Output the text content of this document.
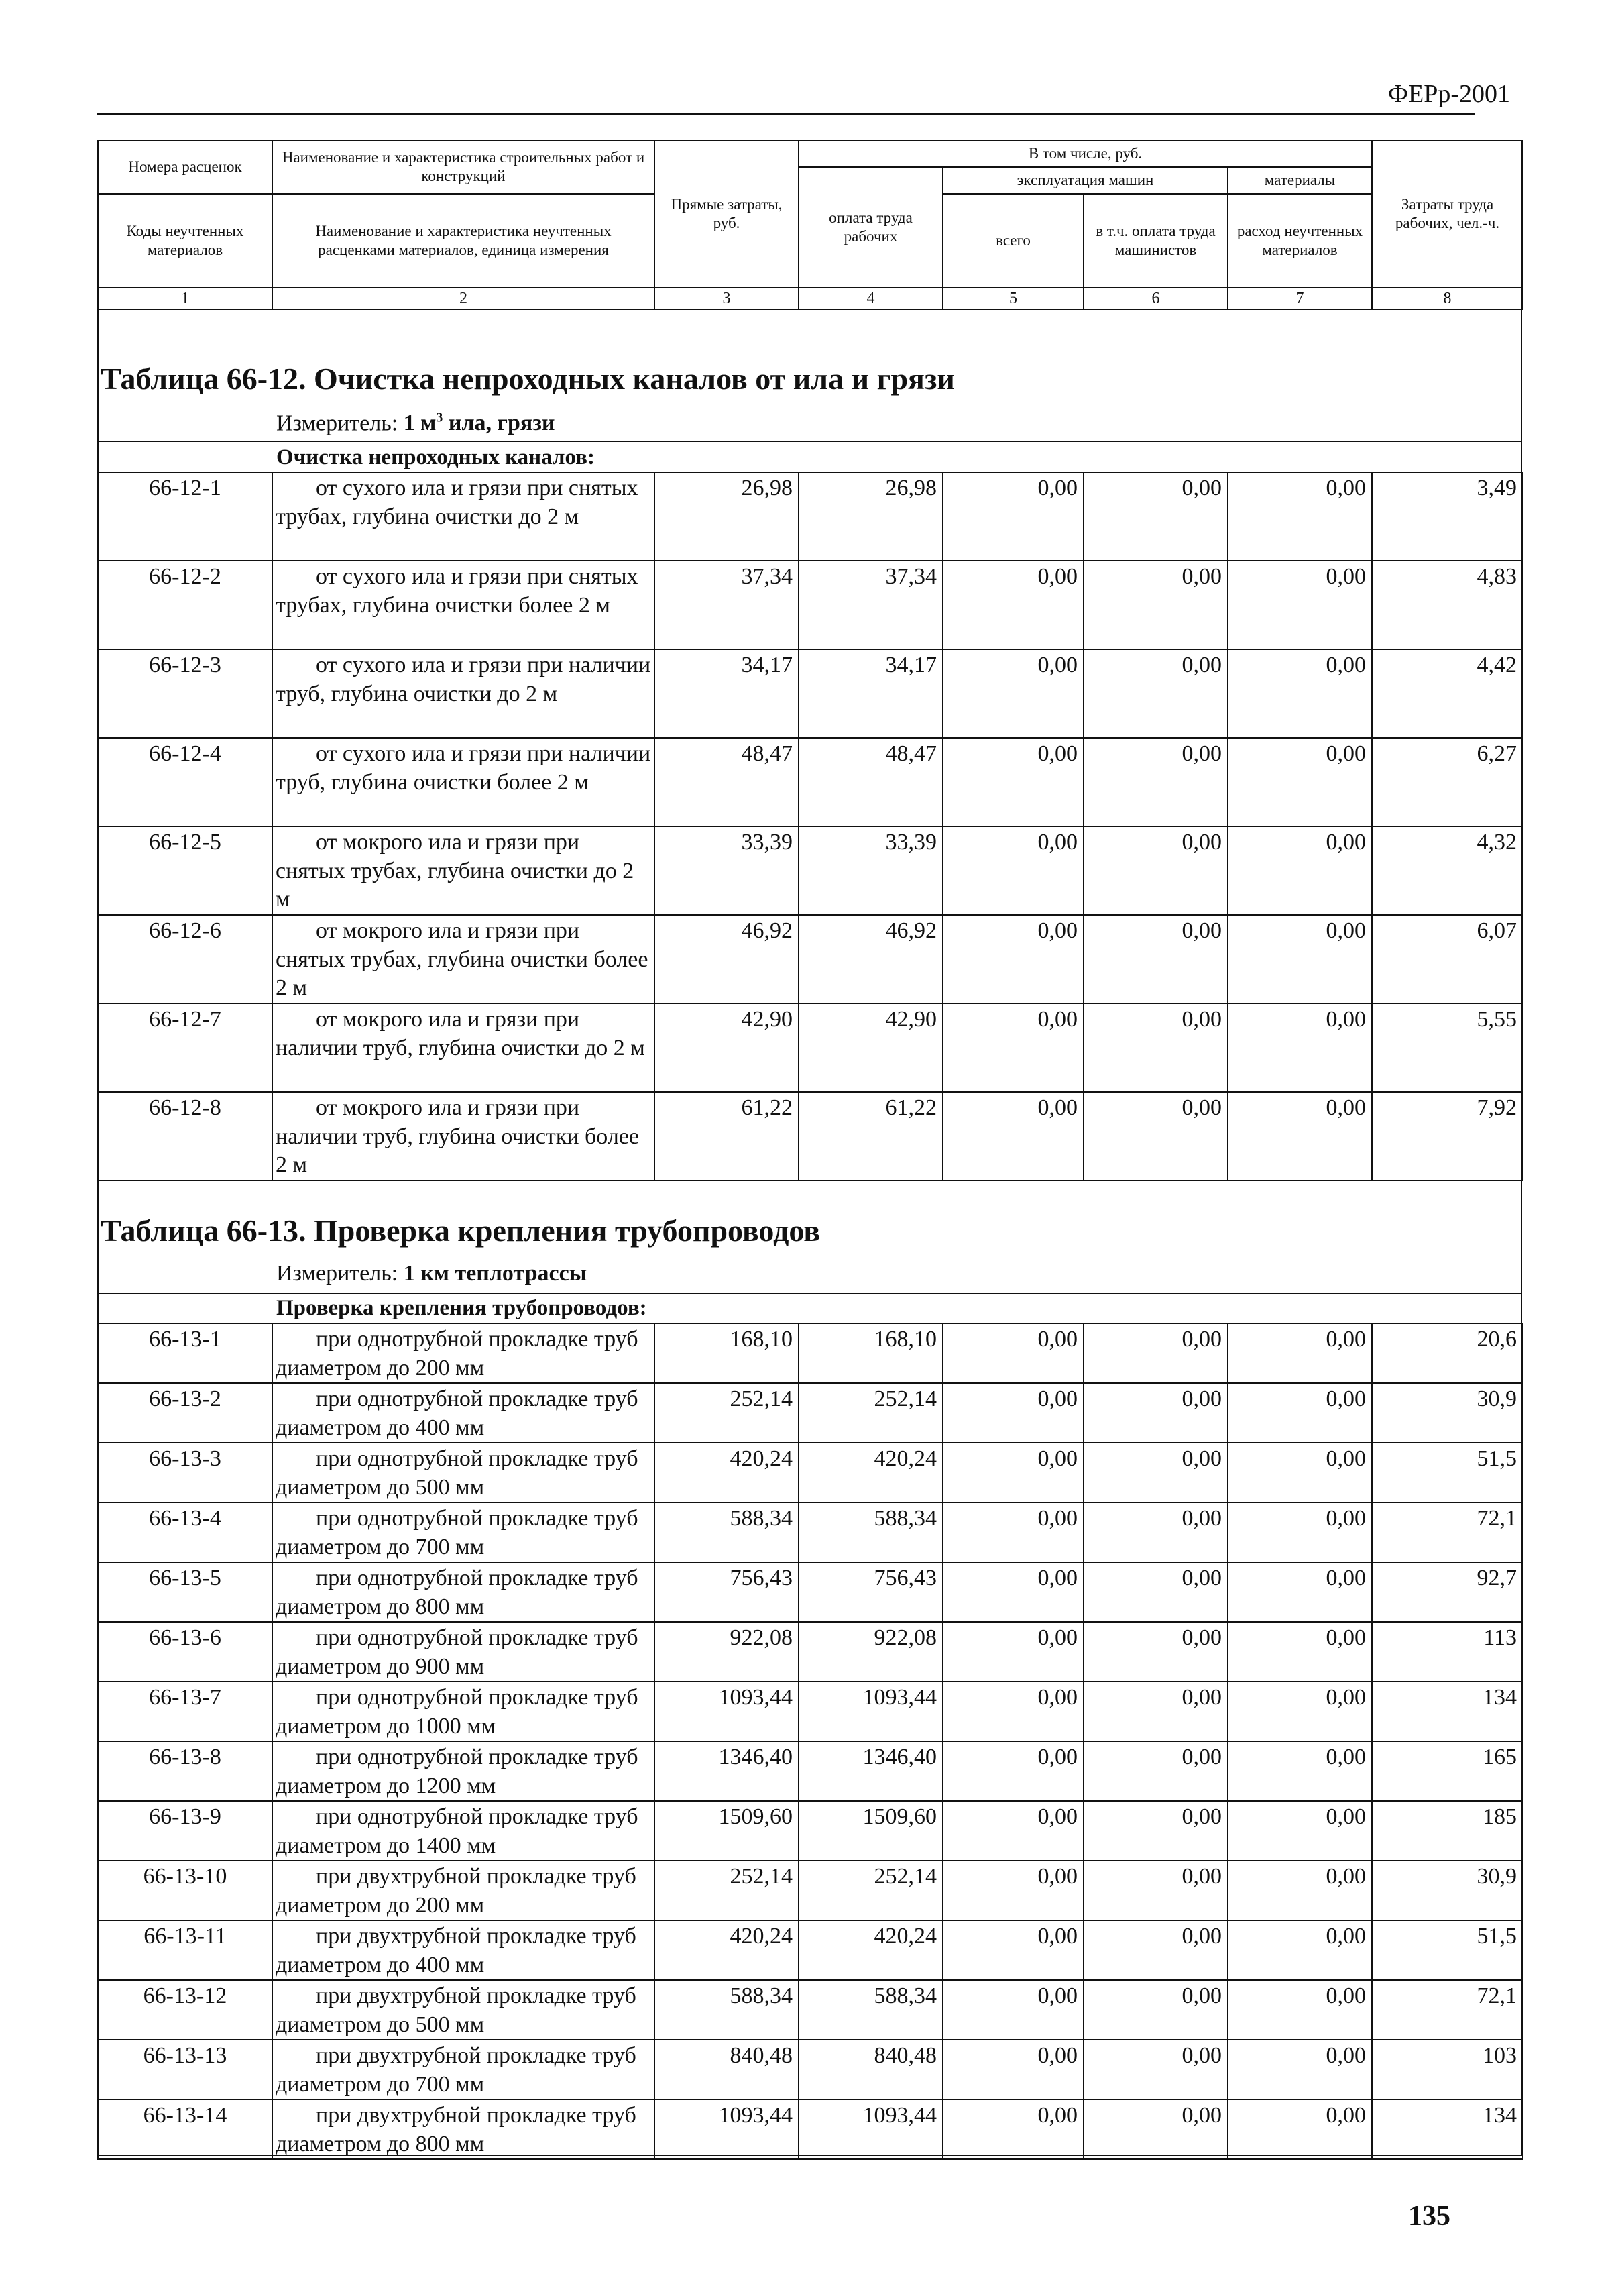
ФЕРр-2001
Номера расценок	Наименование и характеристика строительных работ и конструкций	Прямые затраты, руб.	В том числе, руб.				Затраты труда рабочих, чел.-ч.
			оплата труда рабочих	эксплуатация машин		материалы	
Коды неучтенных материалов	Наименование и характеристика неучтенных расценками материалов, единица измерения			всего	в т.ч. оплата труда машинистов	расход неучтенных материалов	

1	2	3	4	5	6	7	8
Таблица 66-12. Очистка непроходных каналов от ила и грязи
Измеритель: 1 $м^3$ ила, грязи
Очистка непроходных каналов:
66-12-1	от сухого ила и грязи при снятых трубах, глубина очистки до 2 м	26,98	26,98	0,00	0,00	0,00	3,49
66-12-2	от сухого ила и грязи при снятых трубах, глубина очистки более 2 м	37,34	37,34	0,00	0,00	0,00	4,83
66-12-3	от сухого ила и грязи при наличии труб, глубина очистки до 2 м	34,17	34,17	0,00	0,00	0,00	4,42
66-12-4	от сухого ила и грязи при наличии труб, глубина очистки более 2 м	48,47	48,47	0,00	0,00	0,00	6,27
66-12-5	от мокрого ила и грязи при снятых трубах, глубина очистки до 2 м	33,39	33,39	0,00	0,00	0,00	4,32
66-12-6	от мокрого ила и грязи при снятых трубах, глубина очистки более 2 м	46,92	46,92	0,00	0,00	0,00	6,07
66-12-7	от мокрого ила и грязи при наличии труб, глубина очистки до 2 м	42,90	42,90	0,00	0,00	0,00	5,55
66-12-8	от мокрого ила и грязи при наличии труб, глубина очистки более 2 м	61,22	61,22	0,00	0,00	0,00	7,92
Таблица 66-13. Проверка крепления трубопроводов
Измеритель: 1 км теплотрассы
Проверка крепления трубопроводов:
66-13-1	при однотрубной прокладке труб диаметром до 200 мм	168,10	168,10	0,00	0,00	0,00	20,6
66-13-2	при однотрубной прокладке труб диаметром до 400 мм	252,14	252,14	0,00	0,00	0,00	30,9
66-13-3	при однотрубной прокладке труб диаметром до 500 мм	420,24	420,24	0,00	0,00	0,00	51,5
66-13-4	при однотрубной прокладке труб диаметром до 700 мм	588,34	588,34	0,00	0,00	0,00	72,1
66-13-5	при однотрубной прокладке труб диаметром до 800 мм	756,43	756,43	0,00	0,00	0,00	92,7
66-13-6	при однотрубной прокладке труб диаметром до 900 мм	922,08	922,08	0,00	0,00	0,00	113
66-13-7	при однотрубной прокладке труб диаметром до 1000 мм	1093,44	1093,44	0,00	0,00	0,00	134
66-13-8	при однотрубной прокладке труб диаметром до 1200 мм	1346,40	1346,40	0,00	0,00	0,00	165
66-13-9	при однотрубной прокладке труб диаметром до 1400 мм	1509,60	1509,60	0,00	0,00	0,00	185
66-13-10	при двухтрубной прокладке труб диаметром до 200 мм	252,14	252,14	0,00	0,00	0,00	30,9
66-13-11	при двухтрубной прокладке труб диаметром до 400 мм	420,24	420,24	0,00	0,00	0,00	51,5
66-13-12	при двухтрубной прокладке труб диаметром до 500 мм	588,34	588,34	0,00	0,00	0,00	72,1
66-13-13	при двухтрубной прокладке труб диаметром до 700 мм	840,48	840,48	0,00	0,00	0,00	103
66-13-14	при двухтрубной прокладке труб диаметром до 800 мм	1093,44	1093,44	0,00	0,00	0,00	134
135
